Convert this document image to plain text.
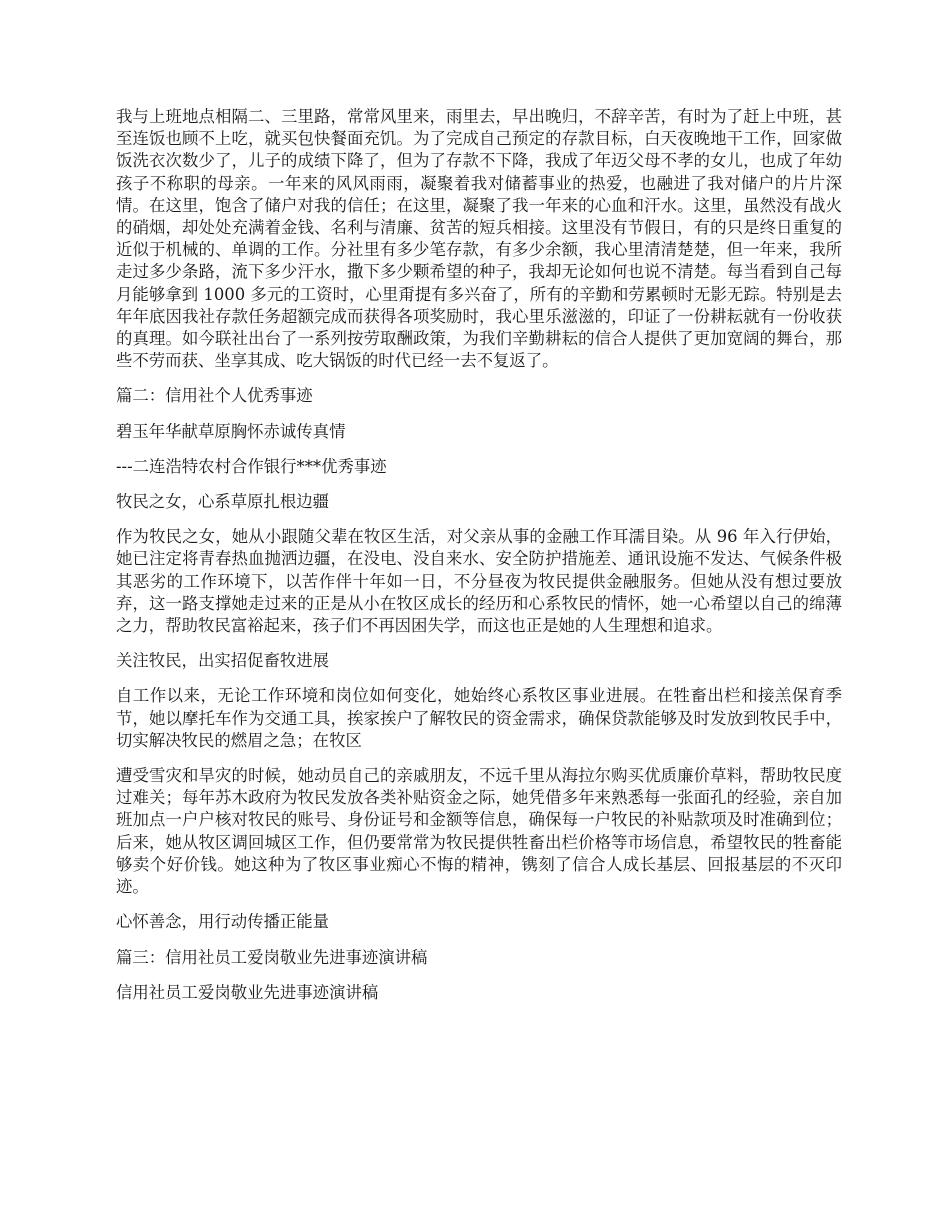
我与上班地点相隔二、三里路，常常风里来，雨里去，早出晚归，不辞辛苦，有时为了赶上中班，甚至连饭也顾不上吃，就买包快餐面充饥。为了完成自己预定的存款目标，白天夜晚地干工作，回家做饭洗衣次数少了，儿子的成绩下降了，但为了存款不下降，我成了年迈父母不孝的女儿，也成了年幼孩子不称职的母亲。一年来的风风雨雨，凝聚着我对储蓄事业的热爱，也融进了我对储户的片片深情。在这里，饱含了储户对我的信任；在这里，凝聚了我一年来的心血和汗水。这里，虽然没有战火的硝烟，却处处充满着金钱、名利与清廉、贫苦的短兵相接。这里没有节假日，有的只是终日重复的近似于机械的、单调的工作。分社里有多少笔存款，有多少余额，我心里清清楚楚，但一年来，我所走过多少条路，流下多少汗水，撒下多少颗希望的种子，我却无论如何也说不清楚。每当看到自己每月能够拿到 1000 多元的工资时，心里甭提有多兴奋了，所有的辛勤和劳累顿时无影无踪。特别是去年年底因我社存款任务超额完成而获得各项奖励时，我心里乐滋滋的，印证了一份耕耘就有一份收获的真理。如今联社出台了一系列按劳取酬政策，为我们辛勤耕耘的信合人提供了更加宽阔的舞台，那些不劳而获、坐享其成、吃大锅饭的时代已经一去不复返了。

篇二：信用社个人优秀事迹

碧玉年华献草原胸怀赤诚传真情

---二连浩特农村合作银行***优秀事迹

牧民之女，心系草原扎根边疆

作为牧民之女，她从小跟随父辈在牧区生活，对父亲从事的金融工作耳濡目染。从 96 年入行伊始，她已注定将青春热血抛洒边疆，在没电、没自来水、安全防护措施差、通讯设施不发达、气候条件极其恶劣的工作环境下，以苦作伴十年如一日，不分昼夜为牧民提供金融服务。但她从没有想过要放弃，这一路支撑她走过来的正是从小在牧区成长的经历和心系牧民的情怀，她一心希望以自己的绵薄之力，帮助牧民富裕起来，孩子们不再因困失学，而这也正是她的人生理想和追求。

关注牧民，出实招促畜牧进展

自工作以来，无论工作环境和岗位如何变化，她始终心系牧区事业进展。在牲畜出栏和接羔保育季节，她以摩托车作为交通工具，挨家挨户了解牧民的资金需求，确保贷款能够及时发放到牧民手中，切实解决牧民的燃眉之急；在牧区

遭受雪灾和旱灾的时候，她动员自己的亲戚朋友，不远千里从海拉尔购买优质廉价草料，帮助牧民度过难关；每年苏木政府为牧民发放各类补贴资金之际，她凭借多年来熟悉每一张面孔的经验，亲自加班加点一户户核对牧民的账号、身份证号和金额等信息，确保每一户牧民的补贴款项及时准确到位；后来，她从牧区调回城区工作，但仍要常常为牧民提供牲畜出栏价格等市场信息，希望牧民的牲畜能够卖个好价钱。她这种为了牧区事业痴心不悔的精神，镌刻了信合人成长基层、回报基层的不灭印迹。

心怀善念，用行动传播正能量

篇三：信用社员工爱岗敬业先进事迹演讲稿

信用社员工爱岗敬业先进事迹演讲稿
